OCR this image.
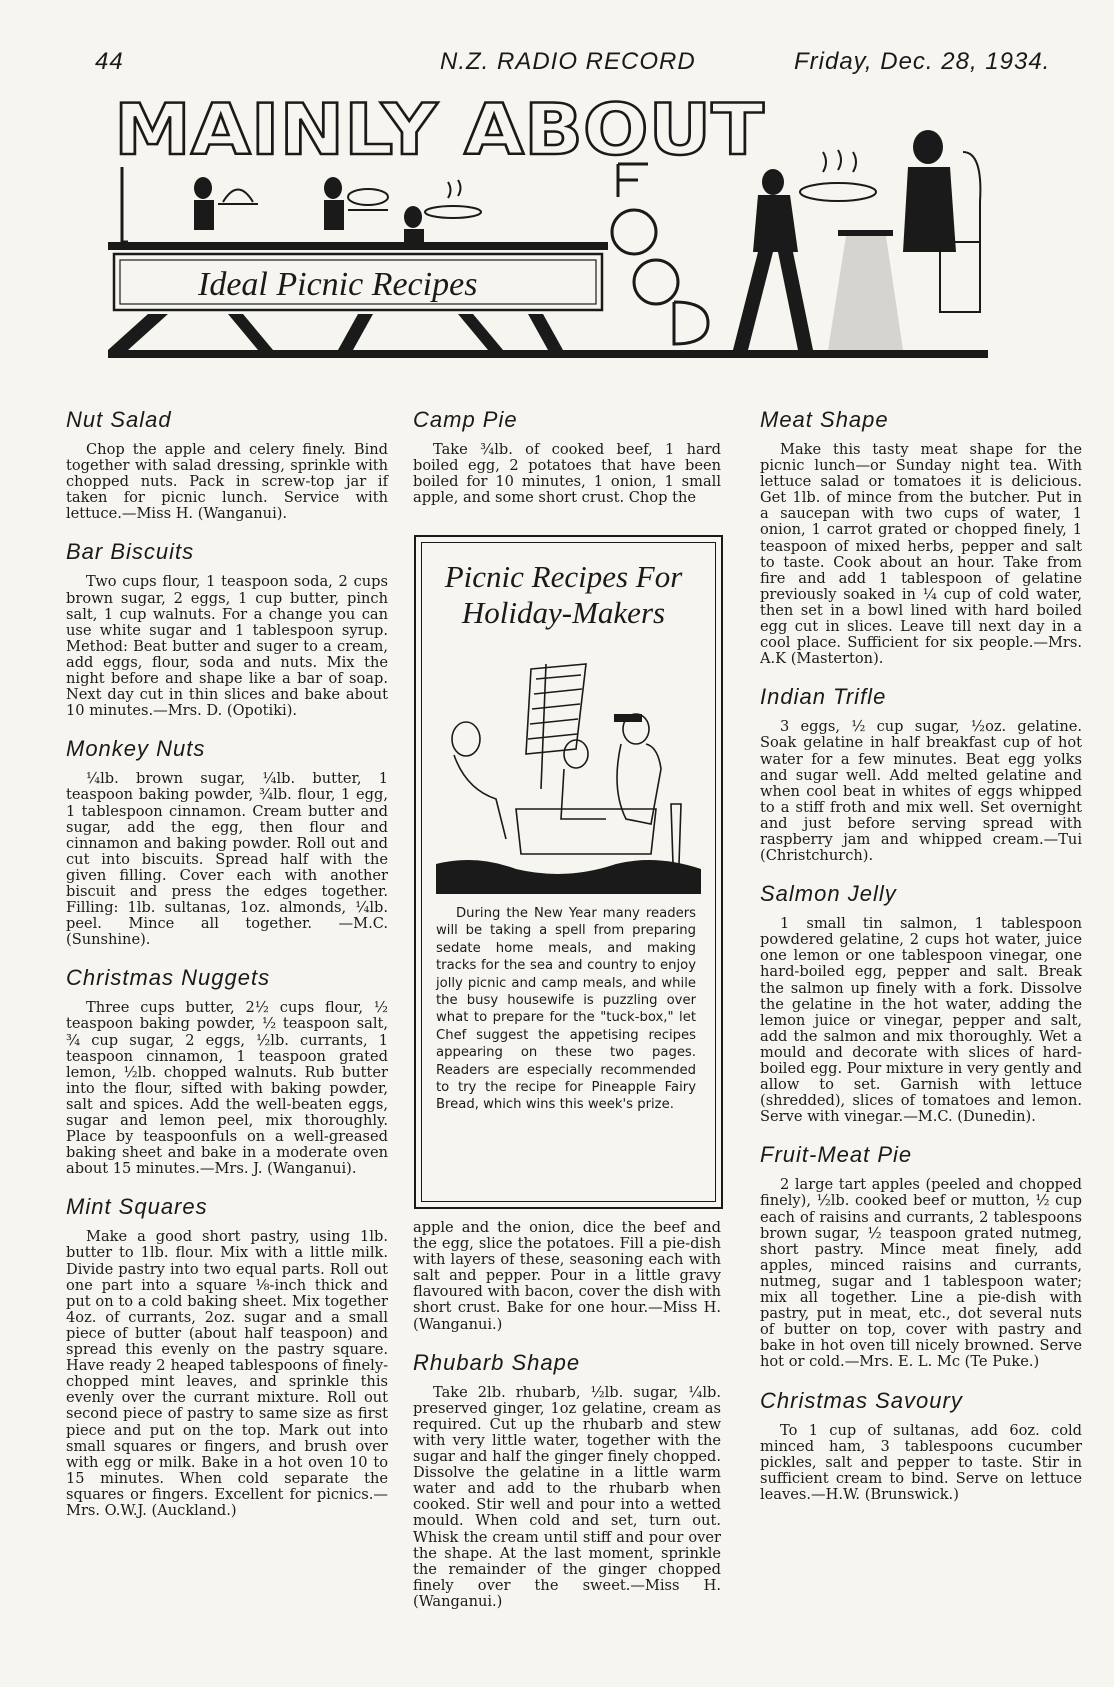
44	N.Z. RADIO RECORD	Friday, Dec. 28, 1934.
MAINLY ABOUT
Ideal Picnic Recipes
Nut Salad
Chop the apple and celery finely. Bind together with salad dressing, sprinkle with chopped nuts. Pack in screw-top jar if taken for picnic lunch. Service with lettuce.—Miss H. (Wanganui).
Bar Biscuits
Two cups flour, 1 teaspoon soda, 2 cups brown sugar, 2 eggs, 1 cup butter, pinch salt, 1 cup walnuts. For a change you can use white sugar and 1 tablespoon syrup. Method: Beat butter and suger to a cream, add eggs, flour, soda and nuts. Mix the night before and shape like a bar of soap. Next day cut in thin slices and bake about 10 minutes.—Mrs. D. (Opotiki).
Monkey Nuts
¼lb. brown sugar, ¼lb. butter, 1 teaspoon baking powder, ¾lb. flour, 1 egg, 1 tablespoon cinnamon. Cream butter and sugar, add the egg, then flour and cinnamon and baking powder. Roll out and cut into biscuits. Spread half with the given filling. Cover each with another biscuit and press the edges together. Filling: 1lb. sultanas, 1oz. almonds, ¼lb. peel. Mince all together. —M.C. (Sunshine).
Christmas Nuggets
Three cups butter, 2½ cups flour, ½ teaspoon baking powder, ½ teaspoon salt, ¾ cup sugar, 2 eggs, ½lb. currants, 1 teaspoon cinnamon, 1 teaspoon grated lemon, ½lb. chopped walnuts. Rub butter into the flour, sifted with baking powder, salt and spices. Add the well-beaten eggs, sugar and lemon peel, mix thoroughly. Place by teaspoonfuls on a well-greased baking sheet and bake in a moderate oven about 15 minutes.—Mrs. J. (Wanganui).
Mint Squares
Make a good short pastry, using 1lb. butter to 1lb. flour. Mix with a little milk. Divide pastry into two equal parts. Roll out one part into a square ⅛-inch thick and put on to a cold baking sheet. Mix together 4oz. of currants, 2oz. sugar and a small piece of butter (about half teaspoon) and spread this evenly on the pastry square. Have ready 2 heaped tablespoons of finely-chopped mint leaves, and sprinkle this evenly over the currant mixture. Roll out second piece of pastry to same size as first piece and put on the top. Mark out into small squares or fingers, and brush over with egg or milk. Bake in a hot oven 10 to 15 minutes. When cold separate the squares or fingers. Excellent for picnics.—Mrs. O.W.J. (Auckland.)
Camp Pie
Take ¾lb. of cooked beef, 1 hard boiled egg, 2 potatoes that have been boiled for 10 minutes, 1 onion, 1 small apple, and some short crust. Chop the
Picnic Recipes For Holiday-Makers
During the New Year many readers will be taking a spell from preparing sedate home meals, and making tracks for the sea and country to enjoy jolly picnic and camp meals, and while the busy housewife is puzzling over what to prepare for the "tuck-box," let Chef suggest the appetising recipes appearing on these two pages. Readers are especially recommended to try the recipe for Pineapple Fairy Bread, which wins this week's prize.
apple and the onion, dice the beef and the egg, slice the potatoes. Fill a pie-dish with layers of these, seasoning each with salt and pepper. Pour in a little gravy flavoured with bacon, cover the dish with short crust. Bake for one hour.—Miss H. (Wanganui.)
Rhubarb Shape
Take 2lb. rhubarb, ½lb. sugar, ¼lb. preserved ginger, 1oz gelatine, cream as required. Cut up the rhubarb and stew with very little water, together with the sugar and half the ginger finely chopped. Dissolve the gelatine in a little warm water and add to the rhubarb when cooked. Stir well and pour into a wetted mould. When cold and set, turn out. Whisk the cream until stiff and pour over the shape. At the last moment, sprinkle the remainder of the ginger chopped finely over the sweet.—Miss H. (Wanganui.)
Meat Shape
Make this tasty meat shape for the picnic lunch—or Sunday night tea. With lettuce salad or tomatoes it is delicious. Get 1lb. of mince from the butcher. Put in a saucepan with two cups of water, 1 onion, 1 carrot grated or chopped finely, 1 teaspoon of mixed herbs, pepper and salt to taste. Cook about an hour. Take from fire and add 1 tablespoon of gelatine previously soaked in ¼ cup of cold water, then set in a bowl lined with hard boiled egg cut in slices. Leave till next day in a cool place. Sufficient for six people.—Mrs. A.K (Masterton).
Indian Trifle
3 eggs, ½ cup sugar, ½oz. gelatine. Soak gelatine in half breakfast cup of hot water for a few minutes. Beat egg yolks and sugar well. Add melted gelatine and when cool beat in whites of eggs whipped to a stiff froth and mix well. Set overnight and just before serving spread with raspberry jam and whipped cream.—Tui (Christchurch).
Salmon Jelly
1 small tin salmon, 1 tablespoon powdered gelatine, 2 cups hot water, juice one lemon or one tablespoon vinegar, one hard-boiled egg, pepper and salt. Break the salmon up finely with a fork. Dissolve the gelatine in the hot water, adding the lemon juice or vinegar, pepper and salt, add the salmon and mix thoroughly. Wet a mould and decorate with slices of hard-boiled egg. Pour mixture in very gently and allow to set. Garnish with lettuce (shredded), slices of tomatoes and lemon. Serve with vinegar.—M.C. (Dunedin).
Fruit-Meat Pie
2 large tart apples (peeled and chopped finely), ½lb. cooked beef or mutton, ½ cup each of raisins and currants, 2 tablespoons brown sugar, ½ teaspoon grated nutmeg, short pastry. Mince meat finely, add apples, minced raisins and currants, nutmeg, sugar and 1 tablespoon water; mix all together. Line a pie-dish with pastry, put in meat, etc., dot several nuts of butter on top, cover with pastry and bake in hot oven till nicely browned. Serve hot or cold.—Mrs. E. L. Mc (Te Puke.)
Christmas Savoury
To 1 cup of sultanas, add 6oz. cold minced ham, 3 tablespoons cucumber pickles, salt and pepper to taste. Stir in sufficient cream to bind. Serve on lettuce leaves.—H.W. (Brunswick.)
